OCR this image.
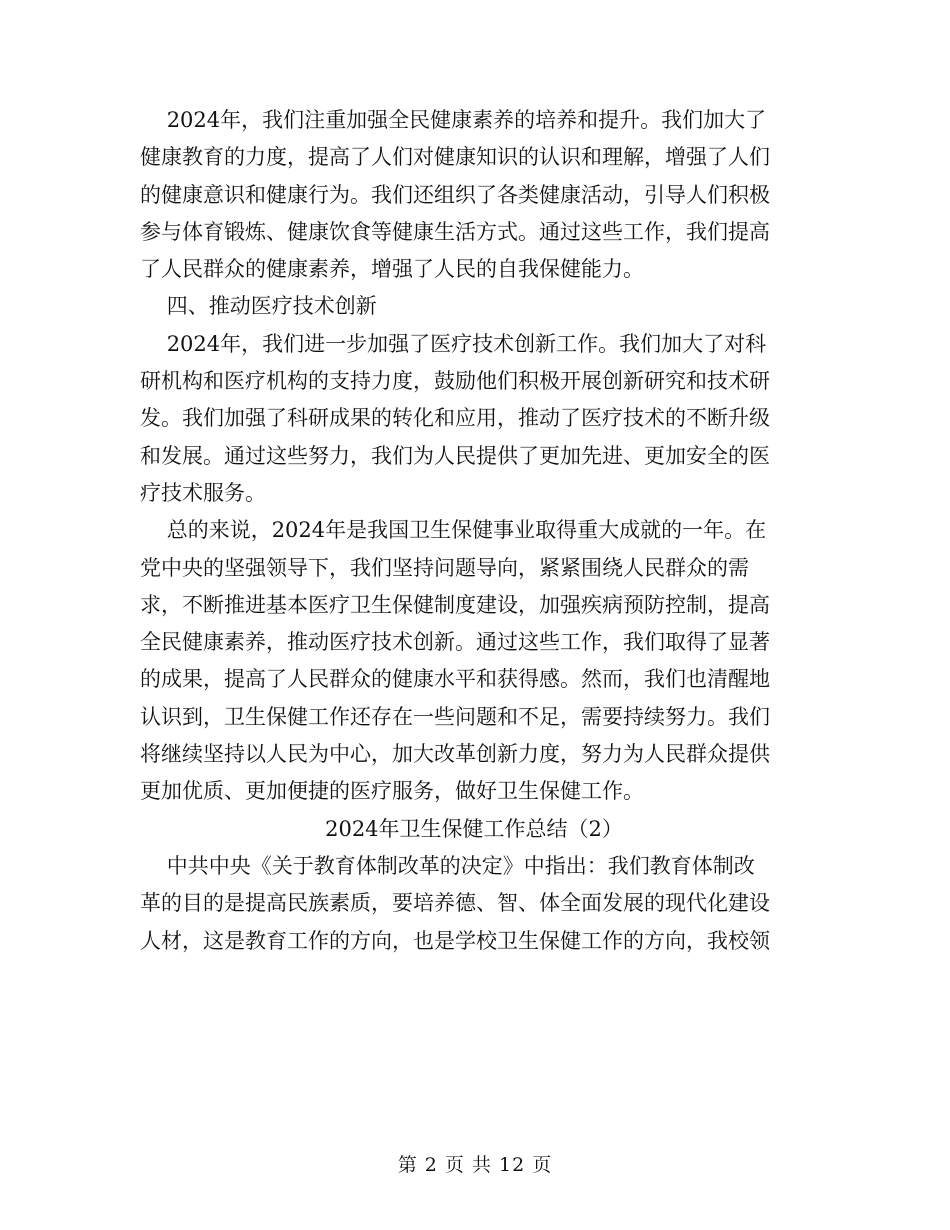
2024年，我们注重加强全民健康素养的培养和提升。我们加大了
健康教育的力度，提高了人们对健康知识的认识和理解，增强了人们
的健康意识和健康行为。我们还组织了各类健康活动，引导人们积极
参与体育锻炼、健康饮食等健康生活方式。通过这些工作，我们提高
了人民群众的健康素养，增强了人民的自我保健能力。
四、推动医疗技术创新
2024年，我们进一步加强了医疗技术创新工作。我们加大了对科
研机构和医疗机构的支持力度，鼓励他们积极开展创新研究和技术研
发。我们加强了科研成果的转化和应用，推动了医疗技术的不断升级
和发展。通过这些努力，我们为人民提供了更加先进、更加安全的医
疗技术服务。
总的来说，2024年是我国卫生保健事业取得重大成就的一年。在
党中央的坚强领导下，我们坚持问题导向，紧紧围绕人民群众的需
求，不断推进基本医疗卫生保健制度建设，加强疾病预防控制，提高
全民健康素养，推动医疗技术创新。通过这些工作，我们取得了显著
的成果，提高了人民群众的健康水平和获得感。然而，我们也清醒地
认识到，卫生保健工作还存在一些问题和不足，需要持续努力。我们
将继续坚持以人民为中心，加大改革创新力度，努力为人民群众提供
更加优质、更加便捷的医疗服务，做好卫生保健工作。
2024年卫生保健工作总结（2）
中共中央《关于教育体制改革的决定》中指出：我们教育体制改
革的目的是提高民族素质，要培养德、智、体全面发展的现代化建设
人材，这是教育工作的方向，也是学校卫生保健工作的方向，我校领
第 2 页 共 12 页
